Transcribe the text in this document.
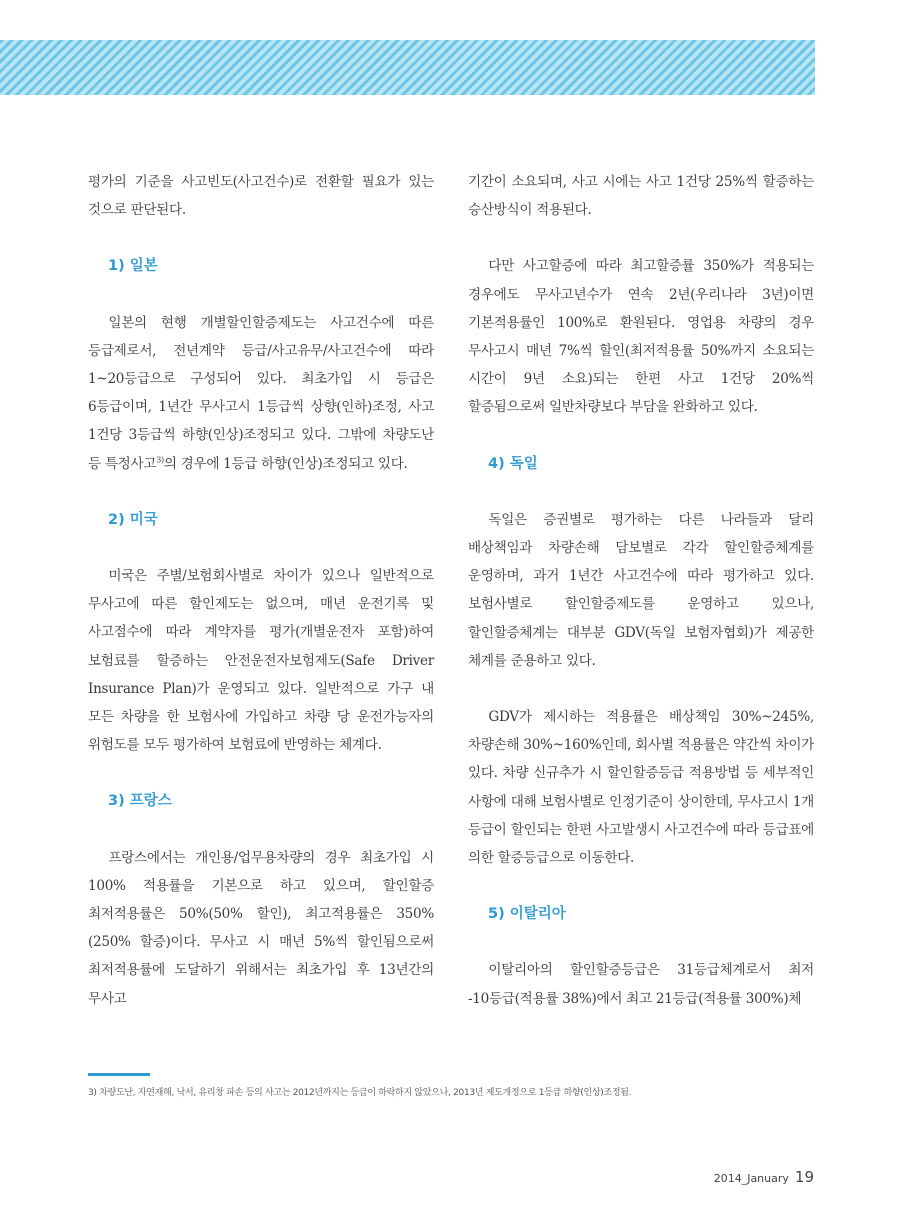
평가의 기준을 사고빈도(사고건수)로 전환할 필요가 있는 것으로 판단된다.

1) 일본

일본의 현행 개별할인할증제도는 사고건수에 따른 등급제로서, 전년계약 등급/사고유무/사고건수에 따라 1~20등급으로 구성되어 있다. 최초가입 시 등급은 6등급이며, 1년간 무사고시 1등급씩 상향(인하)조정, 사고 1건당 3등급씩 하향(인상)조정되고 있다. 그밖에 차량도난 등 특정사고$^{3)}$의 경우에 1등급 하향(인상)조정되고 있다.

2) 미국

미국은 주별/보험회사별로 차이가 있으나 일반적으로 무사고에 따른 할인제도는 없으며, 매년 운전기록 및 사고점수에 따라 계약자를 평가(개별운전자 포함)하여 보험료를 할증하는 안전운전자보험제도(Safe Driver Insurance Plan)가 운영되고 있다. 일반적으로 가구 내 모든 차량을 한 보험사에 가입하고 차량 당 운전가능자의 위험도를 모두 평가하여 보험료에 반영하는 체계다.

3) 프랑스

프랑스에서는 개인용/업무용차량의 경우 최초가입 시 100% 적용률을 기본으로 하고 있으며, 할인할증 최저적용률은 50%(50% 할인), 최고적용률은 350%(250% 할증)이다. 무사고 시 매년 5%씩 할인됨으로써 최저적용률에 도달하기 위해서는 최초가입 후 13년간의 무사고

기간이 소요되며, 사고 시에는 사고 1건당 25%씩 할증하는 승산방식이 적용된다.

다만 사고할증에 따라 최고할증률 350%가 적용되는 경우에도 무사고년수가 연속 2년(우리나라 3년)이면 기본적용률인 100%로 환원된다. 영업용 차량의 경우 무사고시 매년 7%씩 할인(최저적용률 50%까지 소요되는 시간이 9년 소요)되는 한편 사고 1건당 20%씩 할증됨으로써 일반차량보다 부담을 완화하고 있다.

4) 독일

독일은 증권별로 평가하는 다른 나라들과 달리 배상책임과 차량손해 담보별로 각각 할인할증체계를 운영하며, 과거 1년간 사고건수에 따라 평가하고 있다. 보험사별로 할인할증제도를 운영하고 있으나, 할인할증체계는 대부분 GDV(독일 보험자협회)가 제공한 체계를 준용하고 있다.

GDV가 제시하는 적용률은 배상책임 30%~245%, 차량손해 30%~160%인데, 회사별 적용률은 약간씩 차이가 있다. 차량 신규추가 시 할인할증등급 적용방법 등 세부적인 사항에 대해 보험사별로 인정기준이 상이한데, 무사고시 1개 등급이 할인되는 한편 사고발생시 사고건수에 따라 등급표에 의한 할증등급으로 이동한다.

5) 이탈리아

이탈리아의 할인할증등급은 31등급체계로서 최저 -10등급(적용률 38%)에서 최고 21등급(적용률 300%)체

3) 차량도난, 자연재해, 낙서, 유리창 파손 등의 사고는 2012년까지는 등급이 하락하지 않았으나, 2013년 제도개정으로 1등급 하향(인상)조정됨.
2014_January 19
